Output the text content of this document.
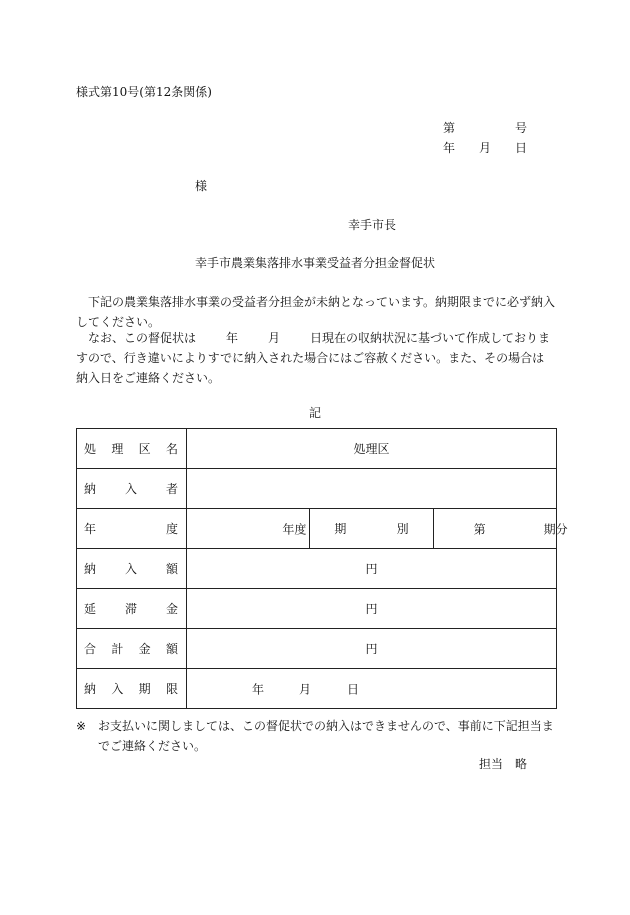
様式第10号(第12条関係)
第	号
年 月 日
様
幸手市長
幸手市農業集落排水事業受益者分担金督促状
下記の農業集落排水事業の受益者分担金が未納となっています。納期限までに必ず納入してください。
なお、この督促状は	年	月	日現在の収納状況に基づいて作成しておりますので、行き違いによりすでに納入された場合にはご容赦ください。また、その場合は納入日をご連絡ください。
記
処 理 区 名	処理区		

納 入 者			

年 度	年度	期 別	第 期分

納 入 額	円		

延 滞 金	円		

合 計 金 額	円		

納 入 期 限	年 月 日		
※ お支払いに関しましては、この督促状での納入はできませんので、事前に下記担当までご連絡ください。
担当 略
